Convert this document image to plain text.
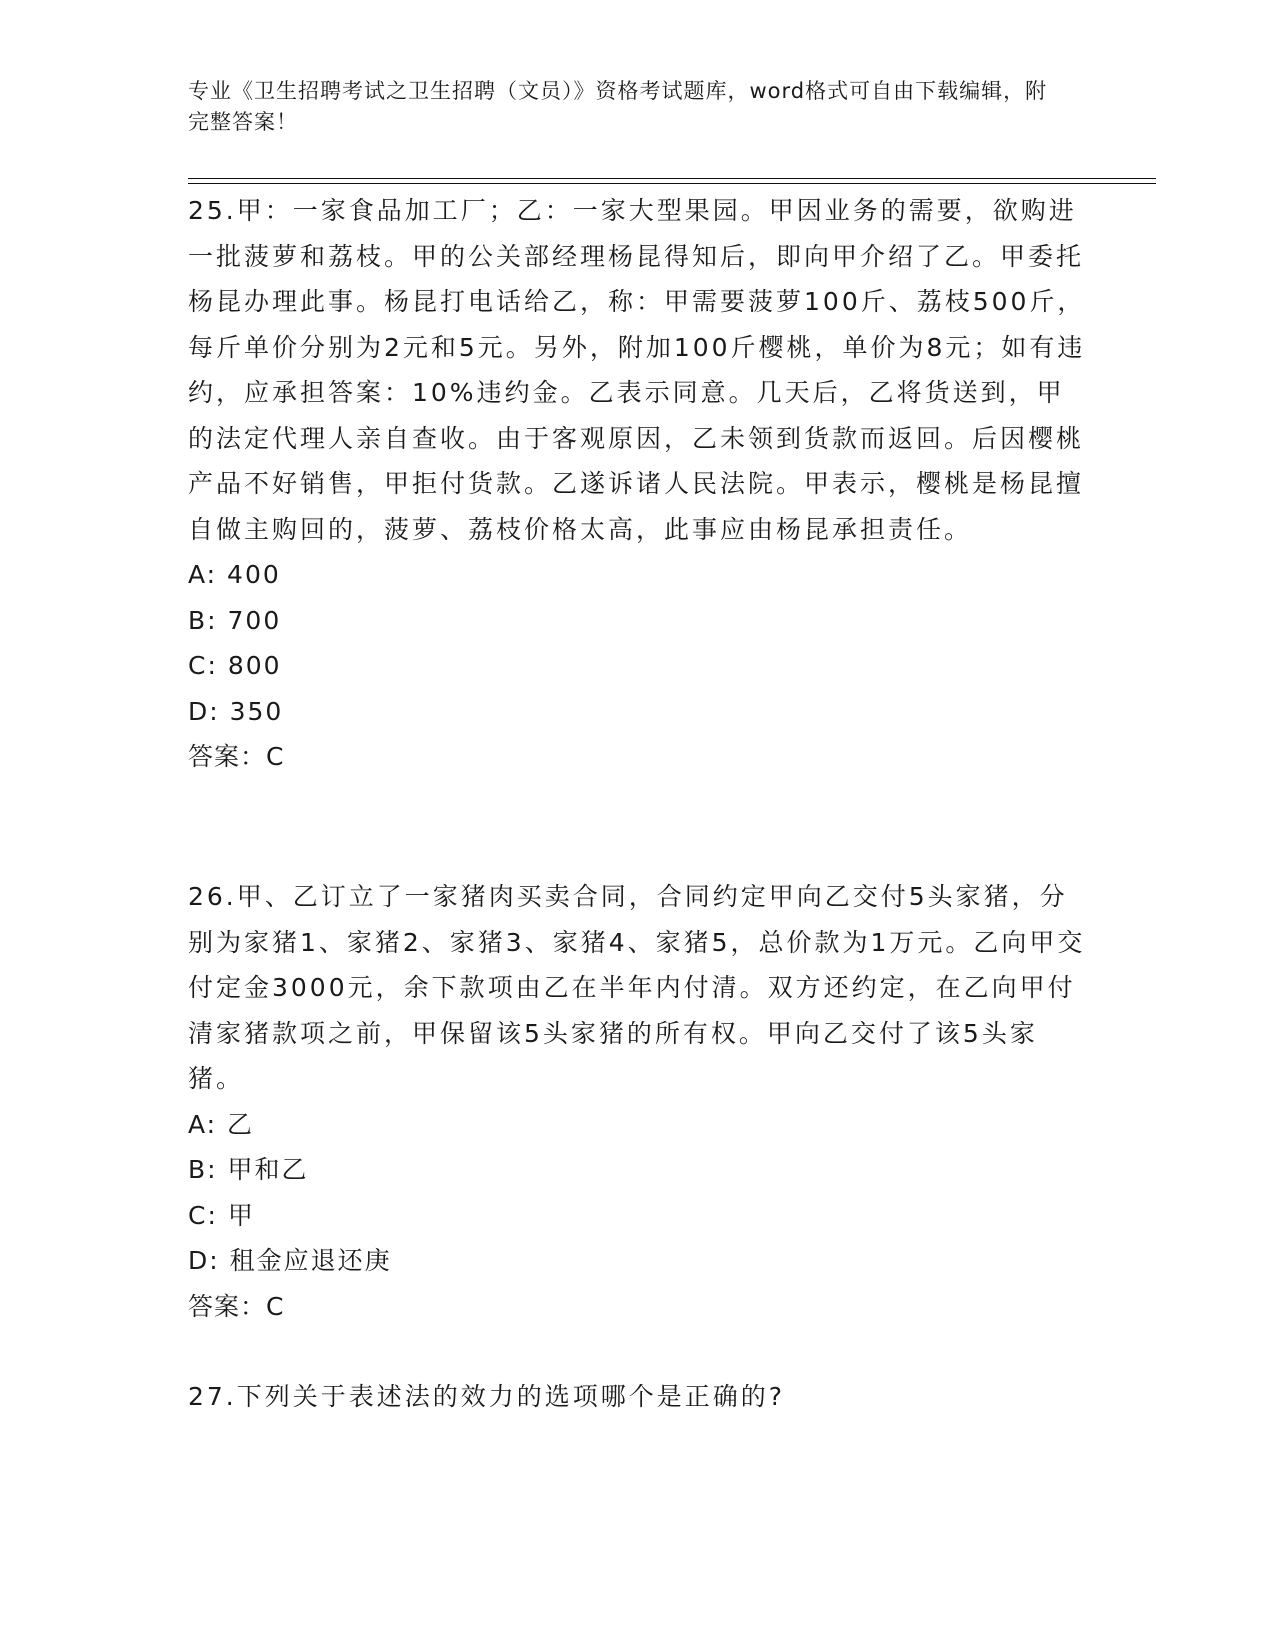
专业《卫生招聘考试之卫生招聘（文员）》资格考试题库，word格式可自由下载编辑，附完整答案！

25.甲：一家食品加工厂；乙：一家大型果园。甲因业务的需要，欲购进一批菠萝和荔枝。甲的公关部经理杨昆得知后，即向甲介绍了乙。甲委托杨昆办理此事。杨昆打电话给乙，称：甲需要菠萝100斤、荔枝500斤，每斤单价分别为2元和5元。另外，附加100斤樱桃，单价为8元；如有违约，应承担答案：10%违约金。乙表示同意。几天后，乙将货送到，甲的法定代理人亲自查收。由于客观原因，乙未领到货款而返回。后因樱桃产品不好销售，甲拒付货款。乙遂诉诸人民法院。甲表示，樱桃是杨昆擅自做主购回的，菠萝、荔枝价格太高，此事应由杨昆承担责任。

A: 400

B: 700

C: 800

D: 350

答案：C

26.甲、乙订立了一家猪肉买卖合同，合同约定甲向乙交付5头家猪，分别为家猪1、家猪2、家猪3、家猪4、家猪5，总价款为1万元。乙向甲交付定金3000元，余下款项由乙在半年内付清。双方还约定，在乙向甲付清家猪款项之前，甲保留该5头家猪的所有权。甲向乙交付了该5头家猪。

A: 乙

B: 甲和乙

C: 甲

D: 租金应退还庚

答案：C

27.下列关于表述法的效力的选项哪个是正确的?
